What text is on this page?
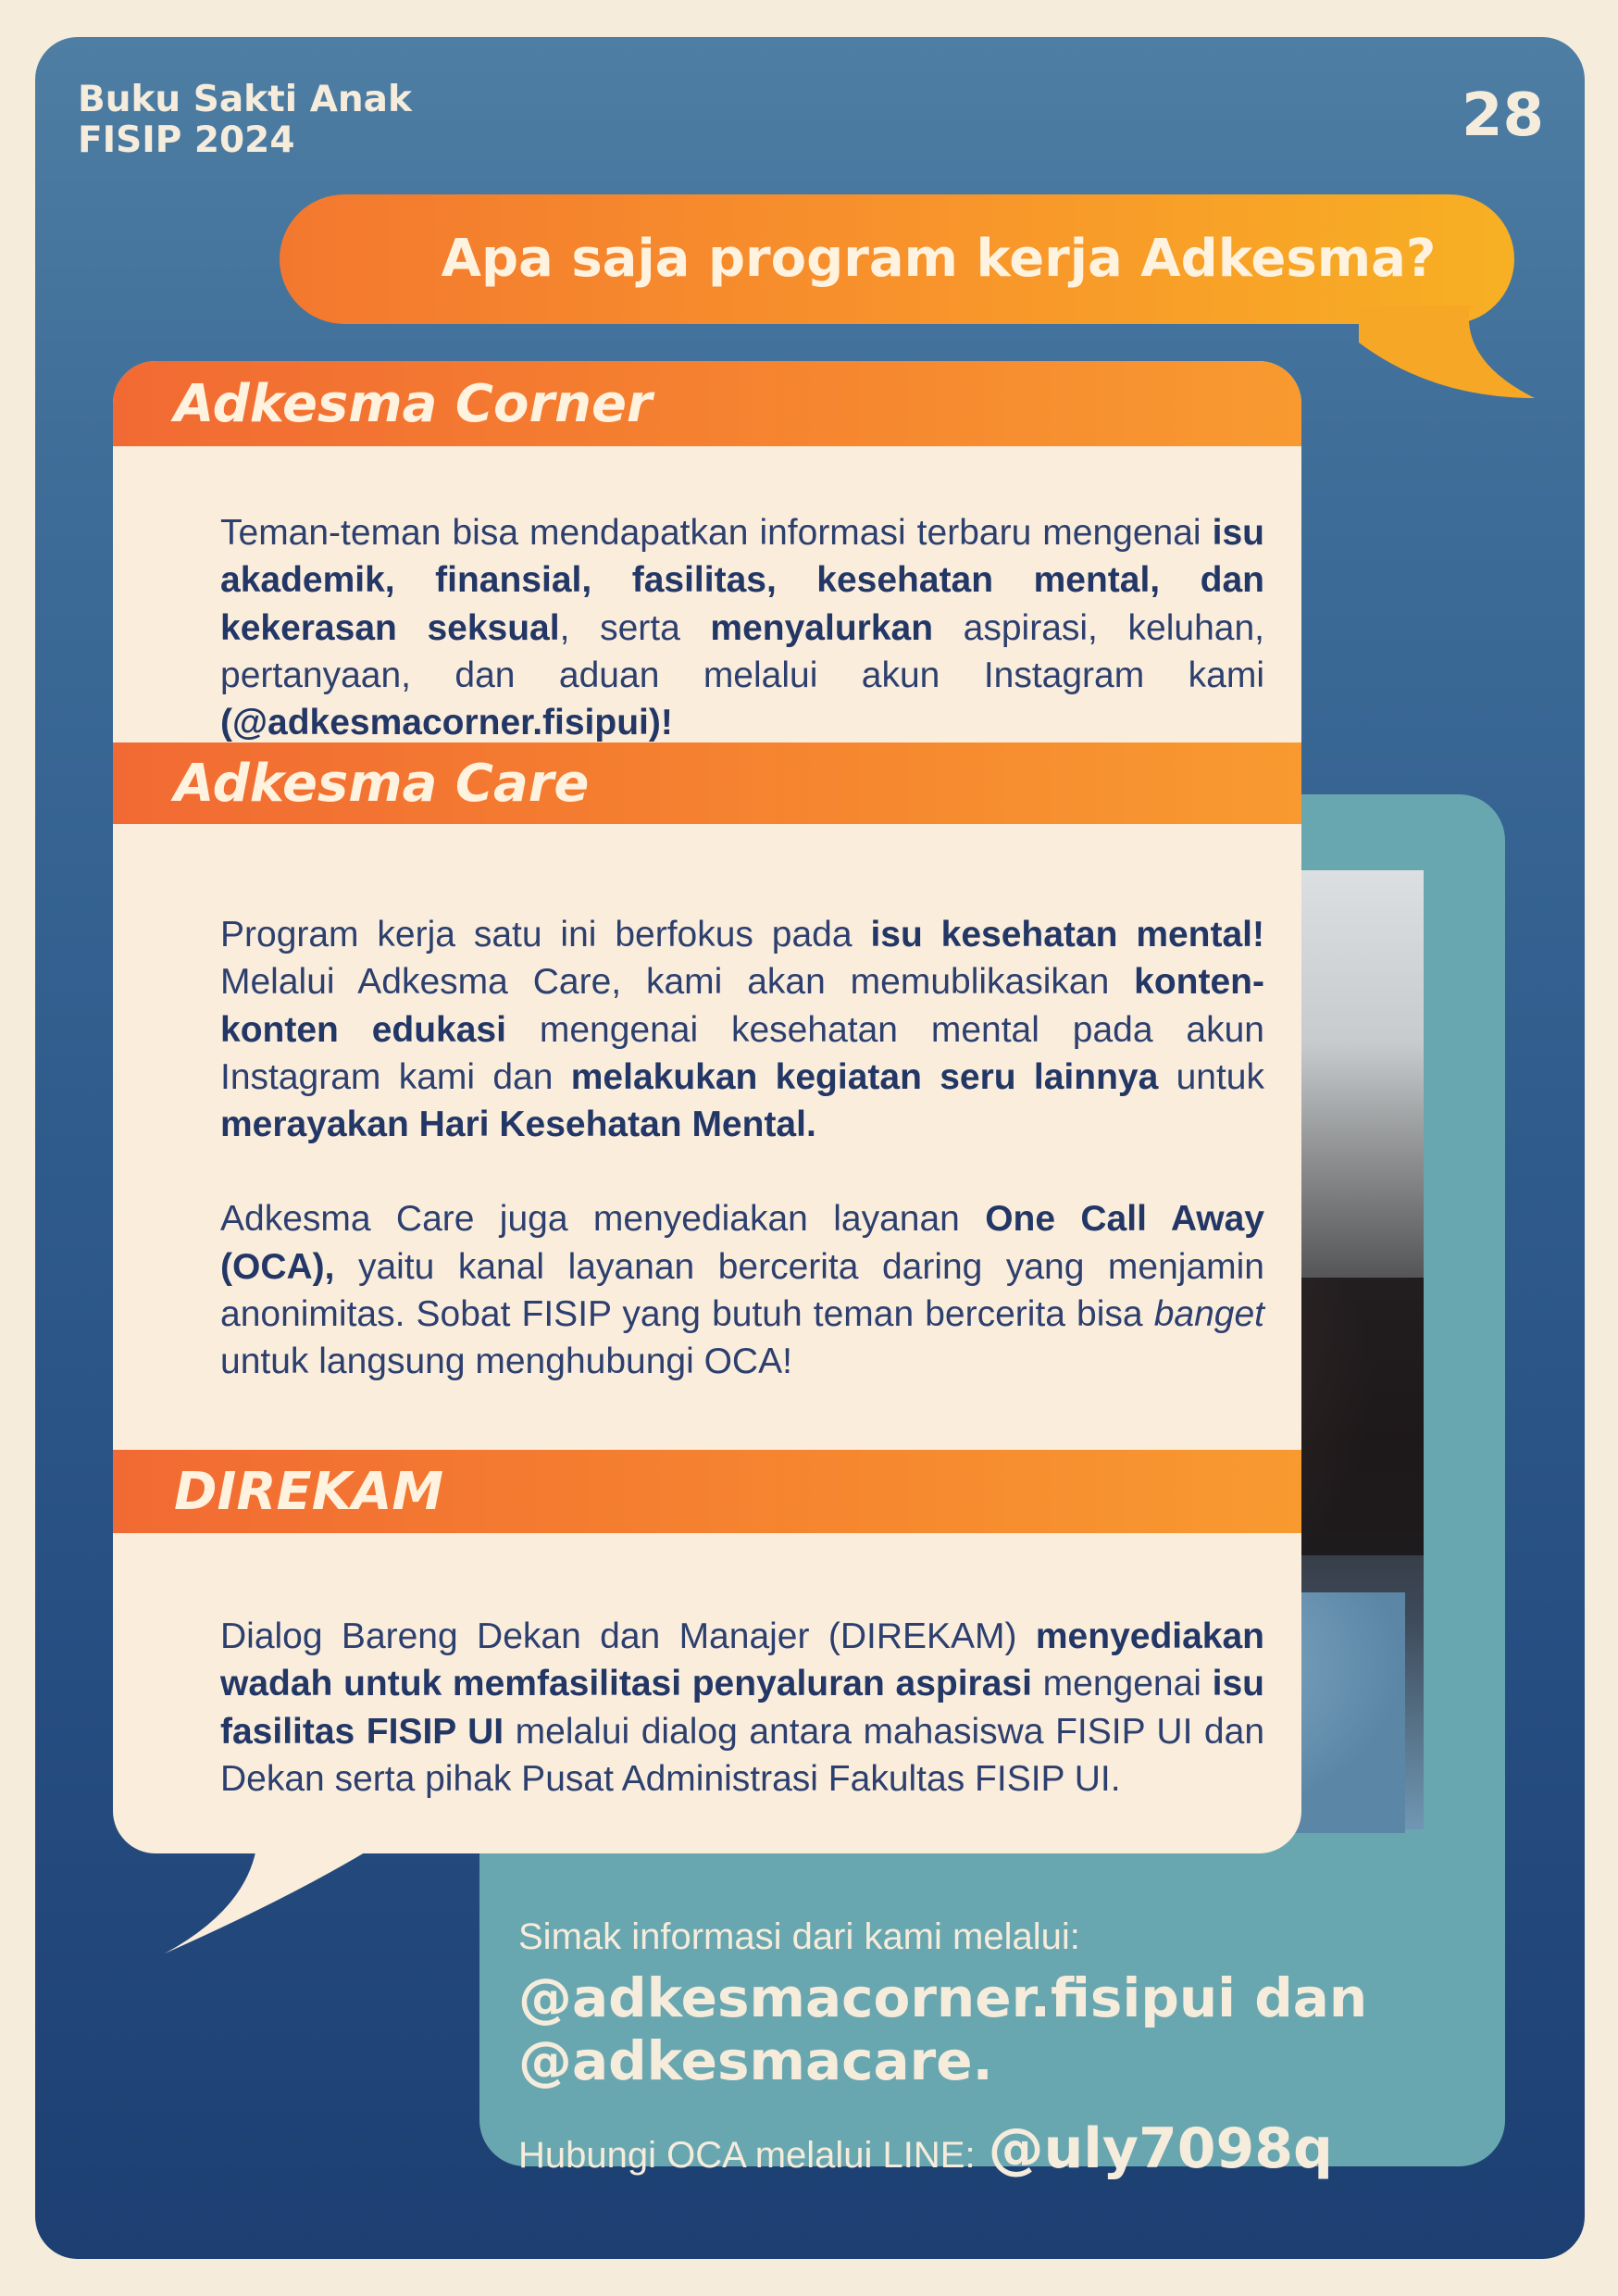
Buku Sakti Anak
FISIP 2024	28
Apa saja program kerja Adkesma?
Simak informasi dari kami melalui:
@adkesmacorner.fisipui dan
@adkesmacare.
Hubungi OCA melalui LINE: @uly7098q
Adkesma Corner

Teman-teman bisa mendapatkan informasi terbaru mengenai isu akademik, finansial, fasilitas, kesehatan mental, dan kekerasan seksual, serta menyalurkan aspirasi, keluhan, pertanyaan, dan aduan melalui akun Instagram kami (@adkesmacorner.fisipui)!

Adkesma Care

Program kerja satu ini berfokus pada isu kesehatan mental! Melalui Adkesma Care, kami akan memublikasikan konten-konten edukasi mengenai kesehatan mental pada akun Instagram kami dan melakukan kegiatan seru lainnya untuk merayakan Hari Kesehatan Mental.

Adkesma Care juga menyediakan layanan One Call Away (OCA), yaitu kanal layanan bercerita daring yang menjamin anonimitas. Sobat FISIP yang butuh teman bercerita bisa banget untuk langsung menghubungi OCA!

DIREKAM

Dialog Bareng Dekan dan Manajer (DIREKAM) menyediakan wadah untuk memfasilitasi penyaluran aspirasi mengenai isu fasilitas FISIP UI melalui dialog antara mahasiswa FISIP UI dan Dekan serta pihak Pusat Administrasi Fakultas FISIP UI.
